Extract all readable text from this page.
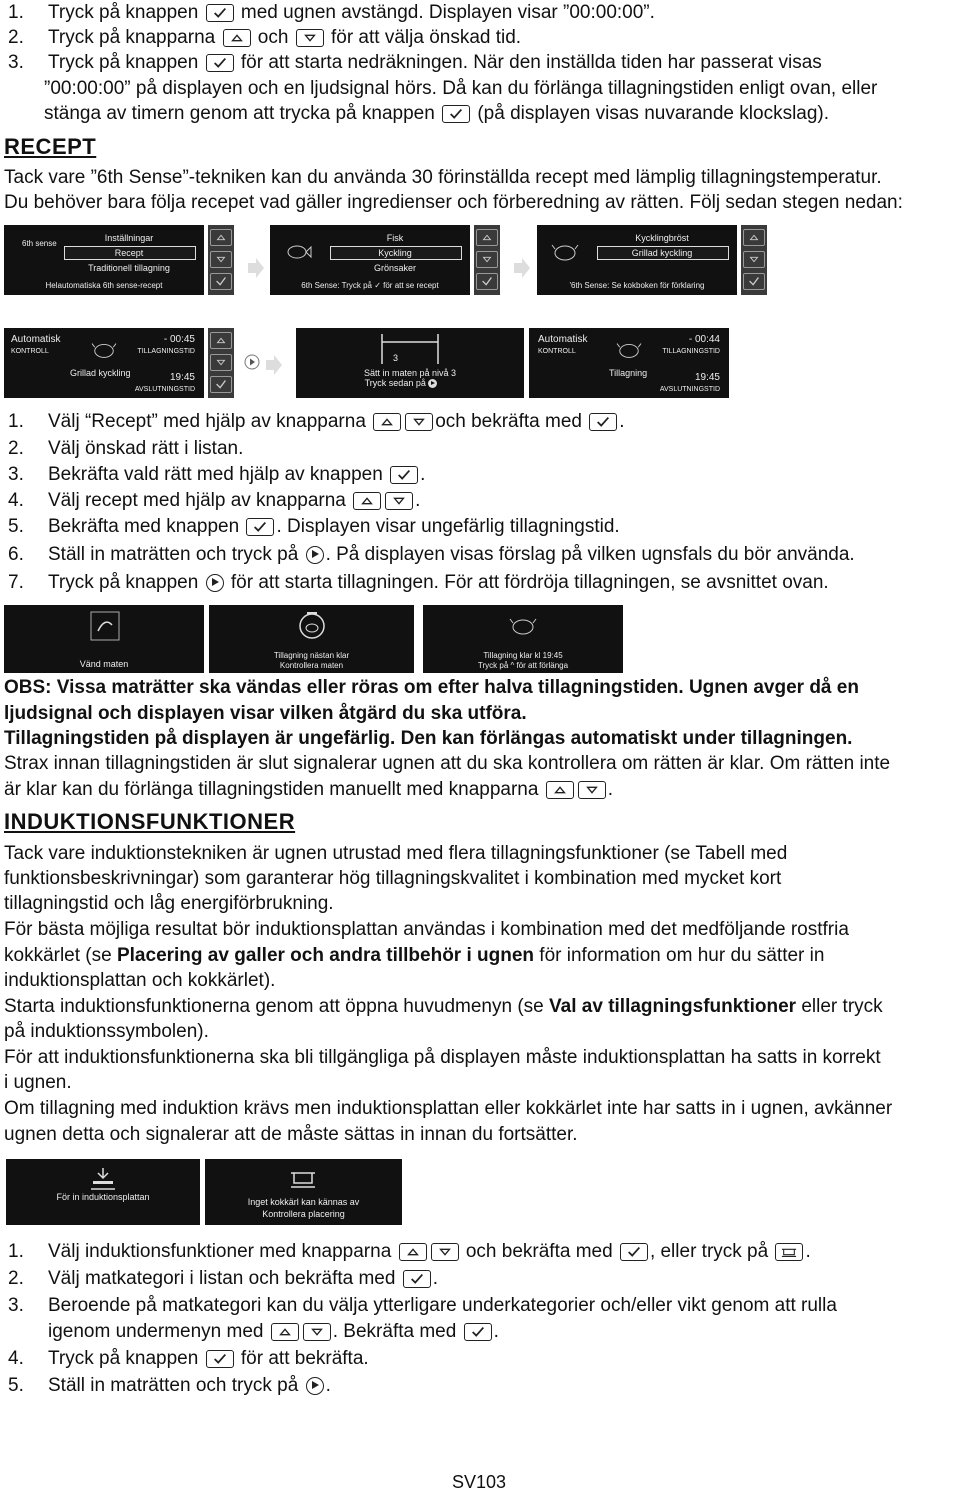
1.	Tryck på knappen med ugnen avstängd. Displayen visar ”00:00:00”.
2.	Tryck på knapparna och för att välja önskad tid.
3.	Tryck på knappen för att starta nedräkningen. När den inställda tiden har passerat visas
”00:00:00” på displayen och en ljudsignal hörs. Då kan du förlänga tillagningstiden enligt ovan, eller
stänga av timern genom att trycka på knappen (på displayen visas nuvarande klockslag).
RECEPT
Tack vare ”6th Sense”-tekniken kan du använda 30 förinställda recept med lämplig tillagningstemperatur.
Du behöver bara följa recepet vad gäller ingredienser och förberedning av rätten. Följ sedan stegen nedan:
6th sense
Inställningar
Recept
Traditionell tillagning
Helautomatiska 6th sense-recept
Fisk
Kyckling
Grönsaker
6th Sense: Tryck på ✓ för att se recept
Kycklingbröst
Grillad kyckling
'6th Sense: Se kokboken för förklaring
Automatisk
KONTROLL
- 00:45
TILLAGNINGSTID
Grillad kyckling	19:45
AVSLUTNINGSTID
3
Sätt in maten på nivå 3
Tryck sedan på
Automatisk
KONTROLL
- 00:44
TILLAGNINGSTID
Tillagning	19:45
AVSLUTNINGSTID
1.	Välj “Recept” med hjälp av knapparna	och bekräfta med .
2.	Välj önskad rätt i listan.
3.	Bekräfta vald rätt med hjälp av knappen .
4.	Välj recept med hjälp av knapparna	.
5.	Bekräfta med knappen . Displayen visar ungefärlig tillagningstid.
6.	Ställ in maträtten och tryck på . På displayen visas förslag på vilken ugnsfals du bör använda.
7.	Tryck på knappen för att starta tillagningen. För att fördröja tillagningen, se avsnittet ovan.
Vänd maten
Tillagning nästan klar
Kontrollera maten
Tillagning klar kl 19:45
Tryck på ^ för att förlänga
OBS: Vissa maträtter ska vändas eller röras om efter halva tillagningstiden. Ugnen avger då en
ljudsignal och displayen visar vilken åtgärd du ska utföra.
Tillagningstiden på displayen är ungefärlig. Den kan förlängas automatiskt under tillagningen.
Strax innan tillagningstiden är slut signalerar ugnen att du ska kontrollera om rätten är klar. Om rätten inte
är klar kan du förlänga tillagningstiden manuellt med knapparna	.
INDUKTIONSFUNKTIONER
Tack vare induktionstekniken är ugnen utrustad med flera tillagningsfunktioner (se Tabell med
funktionsbeskrivningar) som garanterar hög tillagningskvalitet i kombination med mycket kort
tillagningstid och låg energiförbrukning.
För bästa möjliga resultat bör induktionsplattan användas i kombination med det medföljande rostfria
kokkärlet (se Placering av galler och andra tillbehör i ugnen för information om hur du sätter in
induktionsplattan och kokkärlet).
Starta induktionsfunktionerna genom att öppna huvudmenyn (se Val av tillagningsfunktioner eller tryck
på induktionssymbolen).
För att induktionsfunktionerna ska bli tillgängliga på displayen måste induktionsplattan ha satts in korrekt
i ugnen.
Om tillagning med induktion krävs men induktionsplattan eller kokkärlet inte har satts in i ugnen, avkänner
ugnen detta och signalerar att de måste sättas in innan du fortsätter.
För in induktionsplattan	Inget kokkärl kan kännas av
Kontrollera placering
1.	Välj induktionsfunktioner med knapparna	och bekräfta med , eller tryck på .
2.	Välj matkategori i listan och bekräfta med .
3.	Beroende på matkategori kan du välja ytterligare underkategorier och/eller vikt genom att rulla
igenom undermenyn med	. Bekräfta med .
4.	Tryck på knappen för att bekräfta.
5.	Ställ in maträtten och tryck på .
SV103
